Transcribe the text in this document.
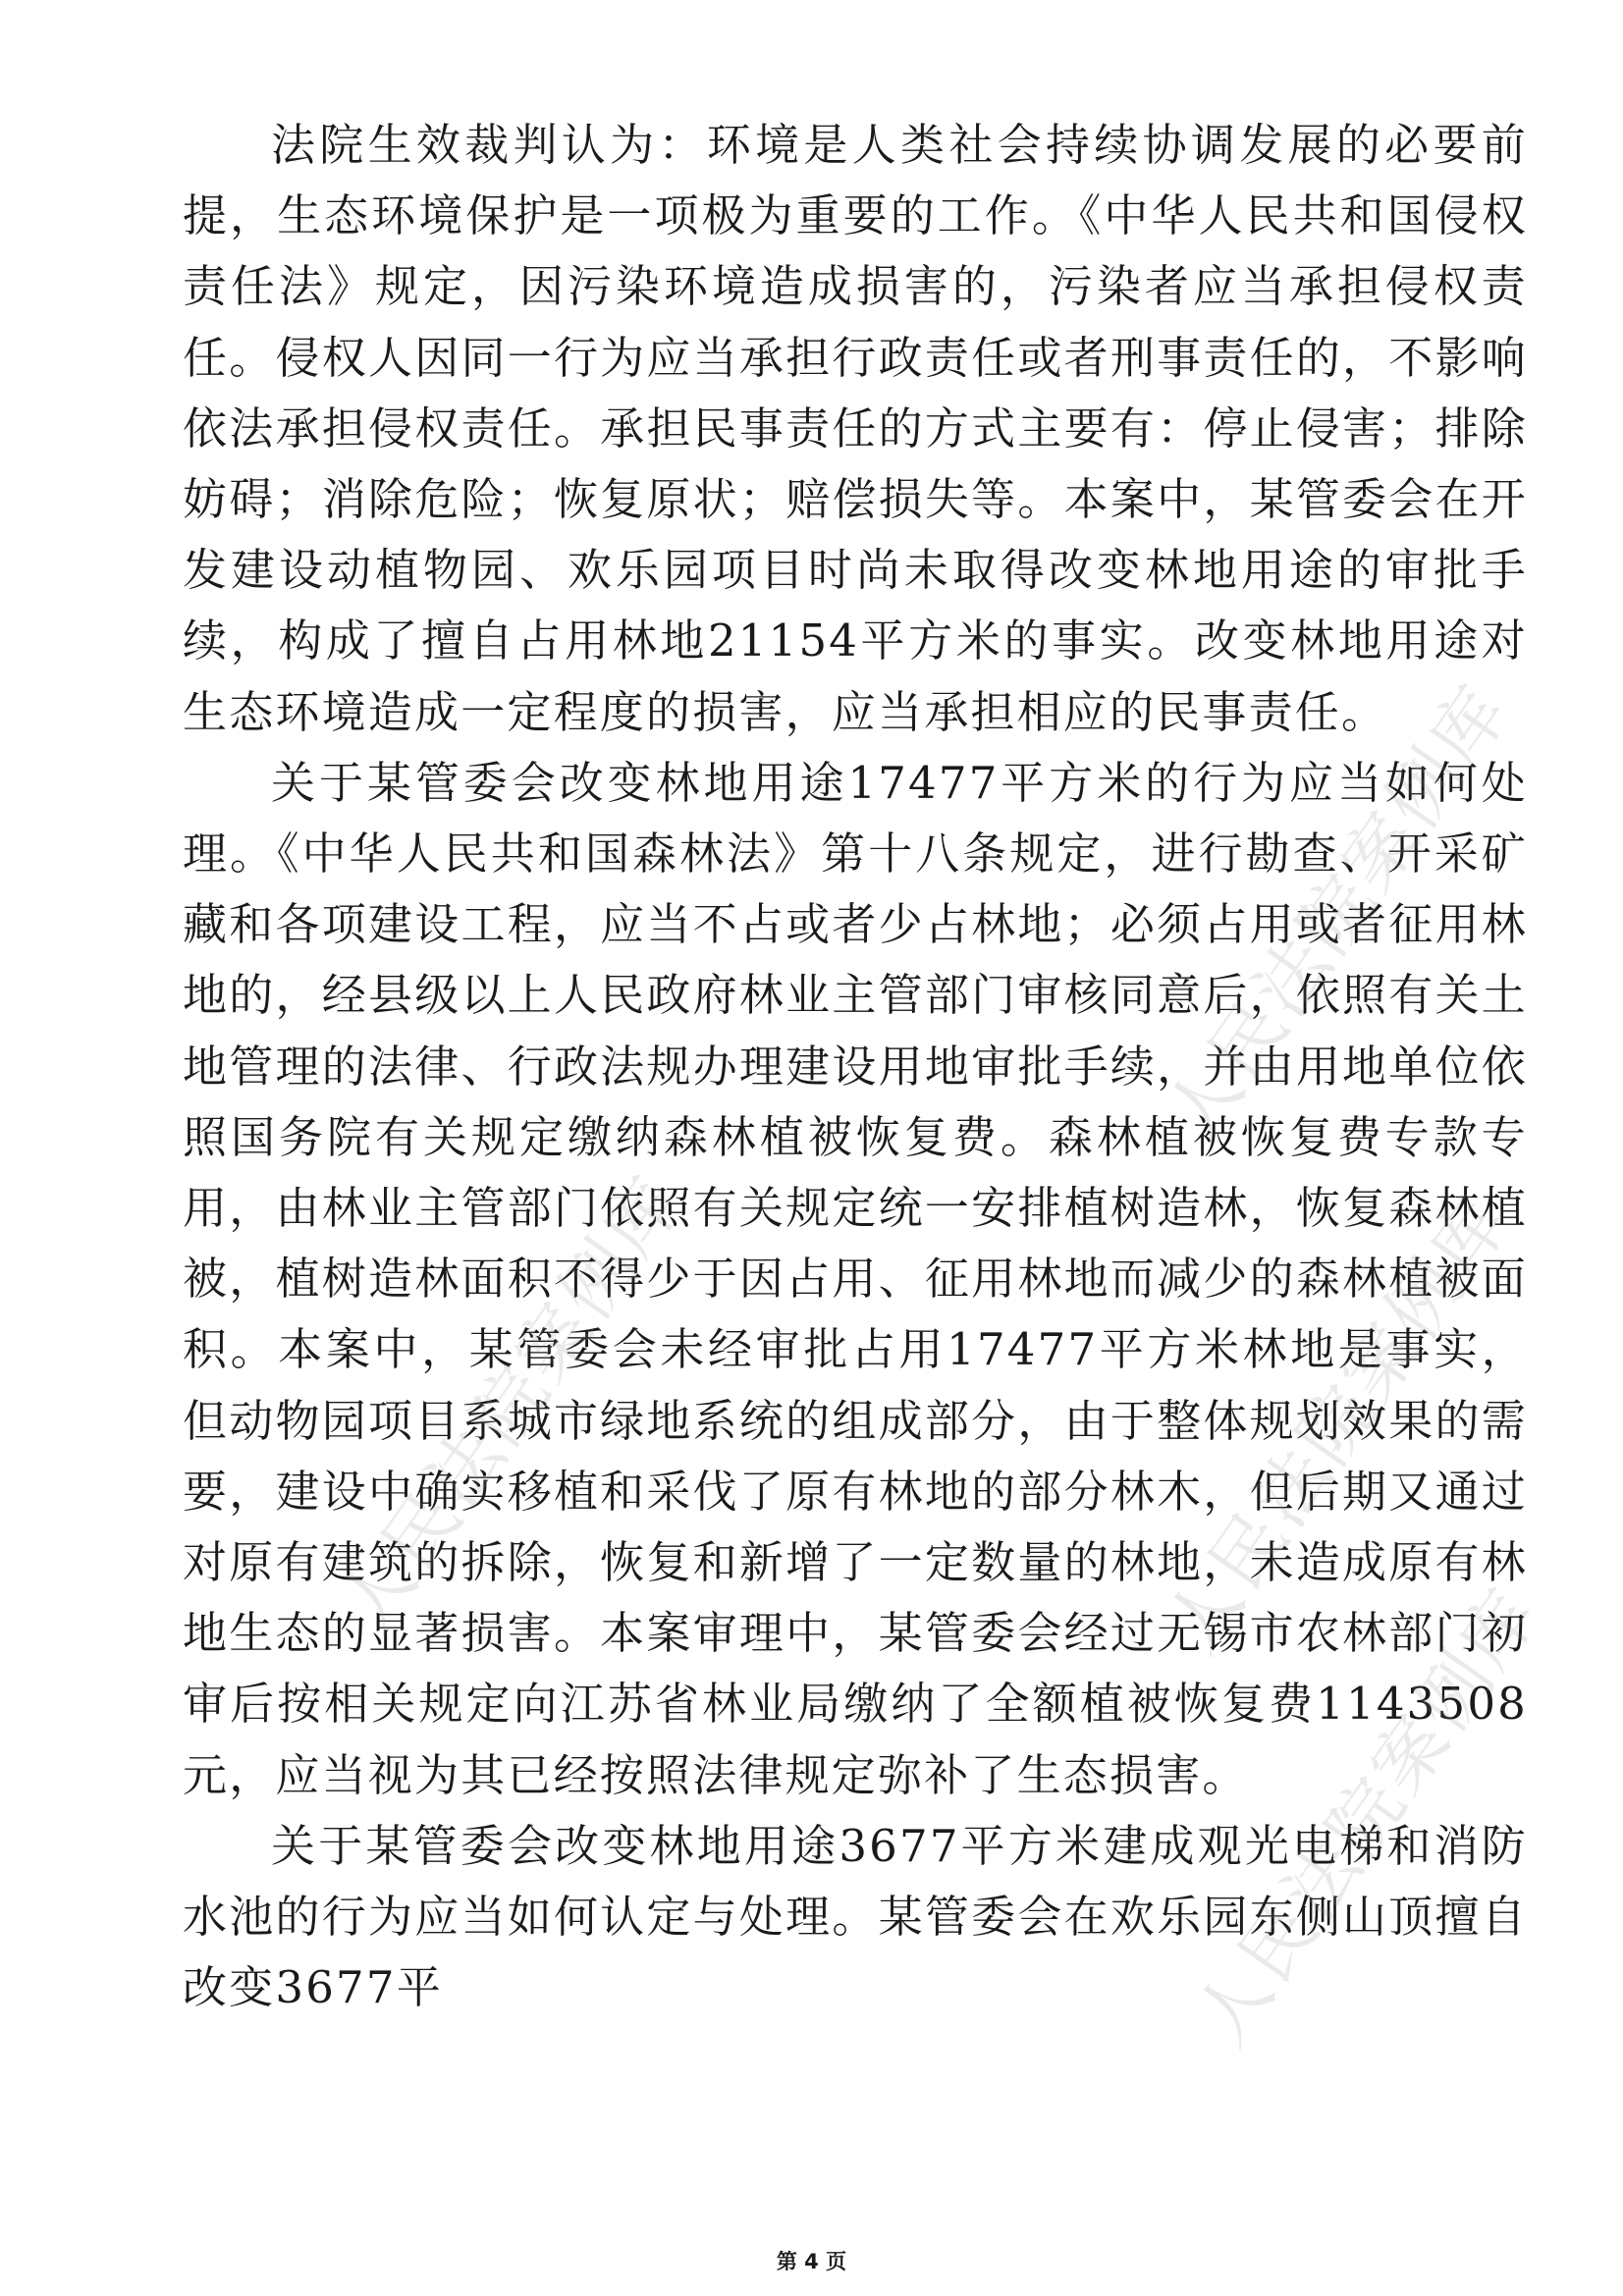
法院生效裁判认为：环境是人类社会持续协调发展的必要前提，生态环境保护是一项极为重要的工作。《中华人民共和国侵权责任法》规定，因污染环境造成损害的，污染者应当承担侵权责任。侵权人因同一行为应当承担行政责任或者刑事责任的，不影响依法承担侵权责任。承担民事责任的方式主要有：停止侵害；排除妨碍；消除危险；恢复原状；赔偿损失等。本案中，某管委会在开发建设动植物园、欢乐园项目时尚未取得改变林地用途的审批手续，构成了擅自占用林地21154平方米的事实。改变林地用途对生态环境造成一定程度的损害，应当承担相应的民事责任。

关于某管委会改变林地用途17477平方米的行为应当如何处理。《中华人民共和国森林法》第十八条规定，进行勘查、开采矿藏和各项建设工程，应当不占或者少占林地；必须占用或者征用林地的，经县级以上人民政府林业主管部门审核同意后，依照有关土地管理的法律、行政法规办理建设用地审批手续，并由用地单位依照国务院有关规定缴纳森林植被恢复费。森林植被恢复费专款专用，由林业主管部门依照有关规定统一安排植树造林，恢复森林植被，植树造林面积不得少于因占用、征用林地而减少的森林植被面积。本案中，某管委会未经审批占用17477平方米林地是事实，但动物园项目系城市绿地系统的组成部分，由于整体规划效果的需要，建设中确实移植和采伐了原有林地的部分林木，但后期又通过对原有建筑的拆除，恢复和新增了一定数量的林地，未造成原有林地生态的显著损害。本案审理中，某管委会经过无锡市农林部门初审后按相关规定向江苏省林业局缴纳了全额植被恢复费1143508元，应当视为其已经按照法律规定弥补了生态损害。

关于某管委会改变林地用途3677平方米建成观光电梯和消防水池的行为应当如何认定与处理。某管委会在欢乐园东侧山顶擅自改变3677平

第 4 页
人民法院案例库
人民法院案例库	人民法院案例库
人民法院案例库
